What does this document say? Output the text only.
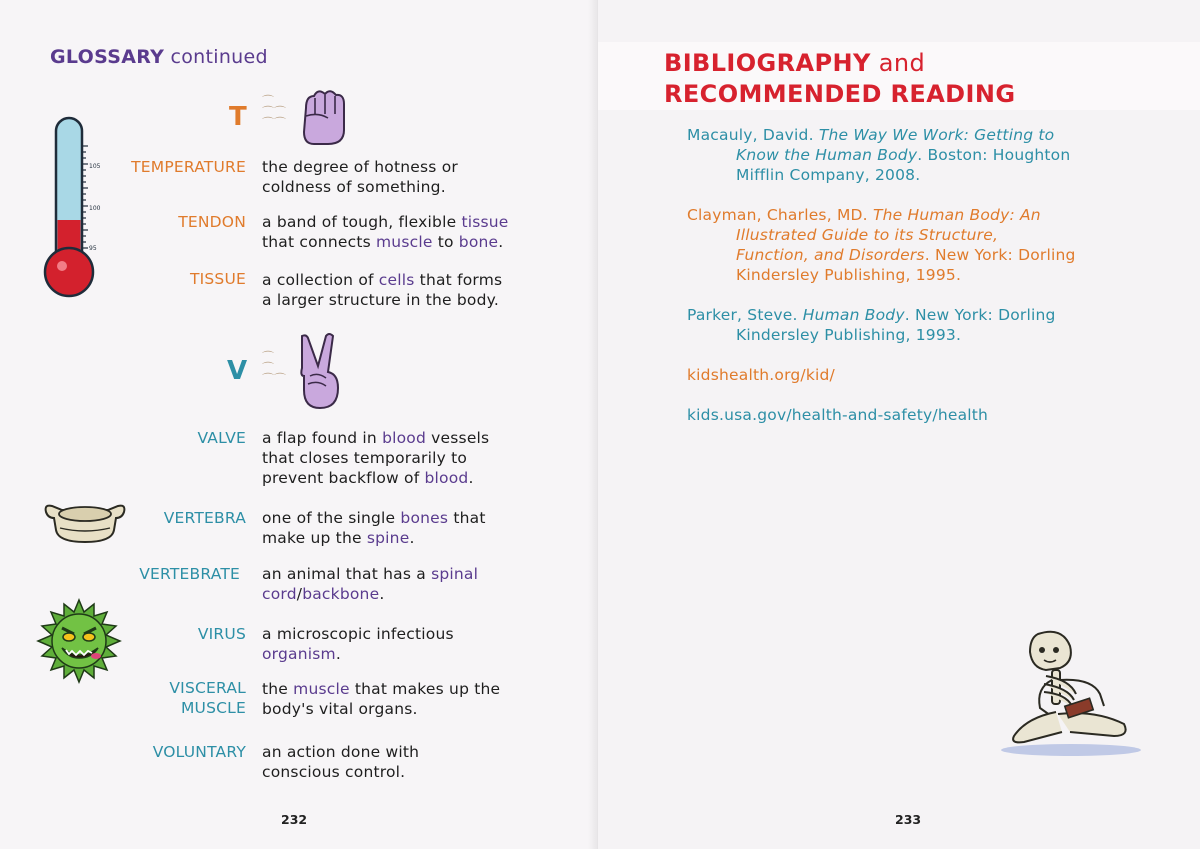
GLOSSARY continued
T
⌒
⌒⌒
⌒⌒
105
100
95
TEMPERATURE
TENDON
TISSUE
the degree of hotness or
coldness of something.
a band of tough, flexible tissue
that connects muscle to bone.
a collection of cells that forms
a larger structure in the body.
V ⌒
⌒
⌒⌒
VALVE
VERTEBRA
VERTEBRATE
VIRUS
VISCERAL
MUSCLE
VOLUNTARY
a flap found in blood vessels
that closes temporarily to
prevent backflow of blood.
one of the single bones that
make up the spine.
an animal that has a spinal
cord/backbone.
a microscopic infectious
organism.
the muscle that makes up the
body's vital organs.
an action done with
conscious control.
232
BIBLIOGRAPHY and
RECOMMENDED READING
Macauly, David. The Way We Work: Getting to
Know the Human Body. Boston: Houghton
Mifflin Company, 2008.
Clayman, Charles, MD. The Human Body: An
Illustrated Guide to its Structure,
Function, and Disorders. New York: Dorling
Kindersley Publishing, 1995.
Parker, Steve. Human Body. New York: Dorling
Kindersley Publishing, 1993.
kidshealth.org/kid/
kids.usa.gov/health-and-safety/health
233
